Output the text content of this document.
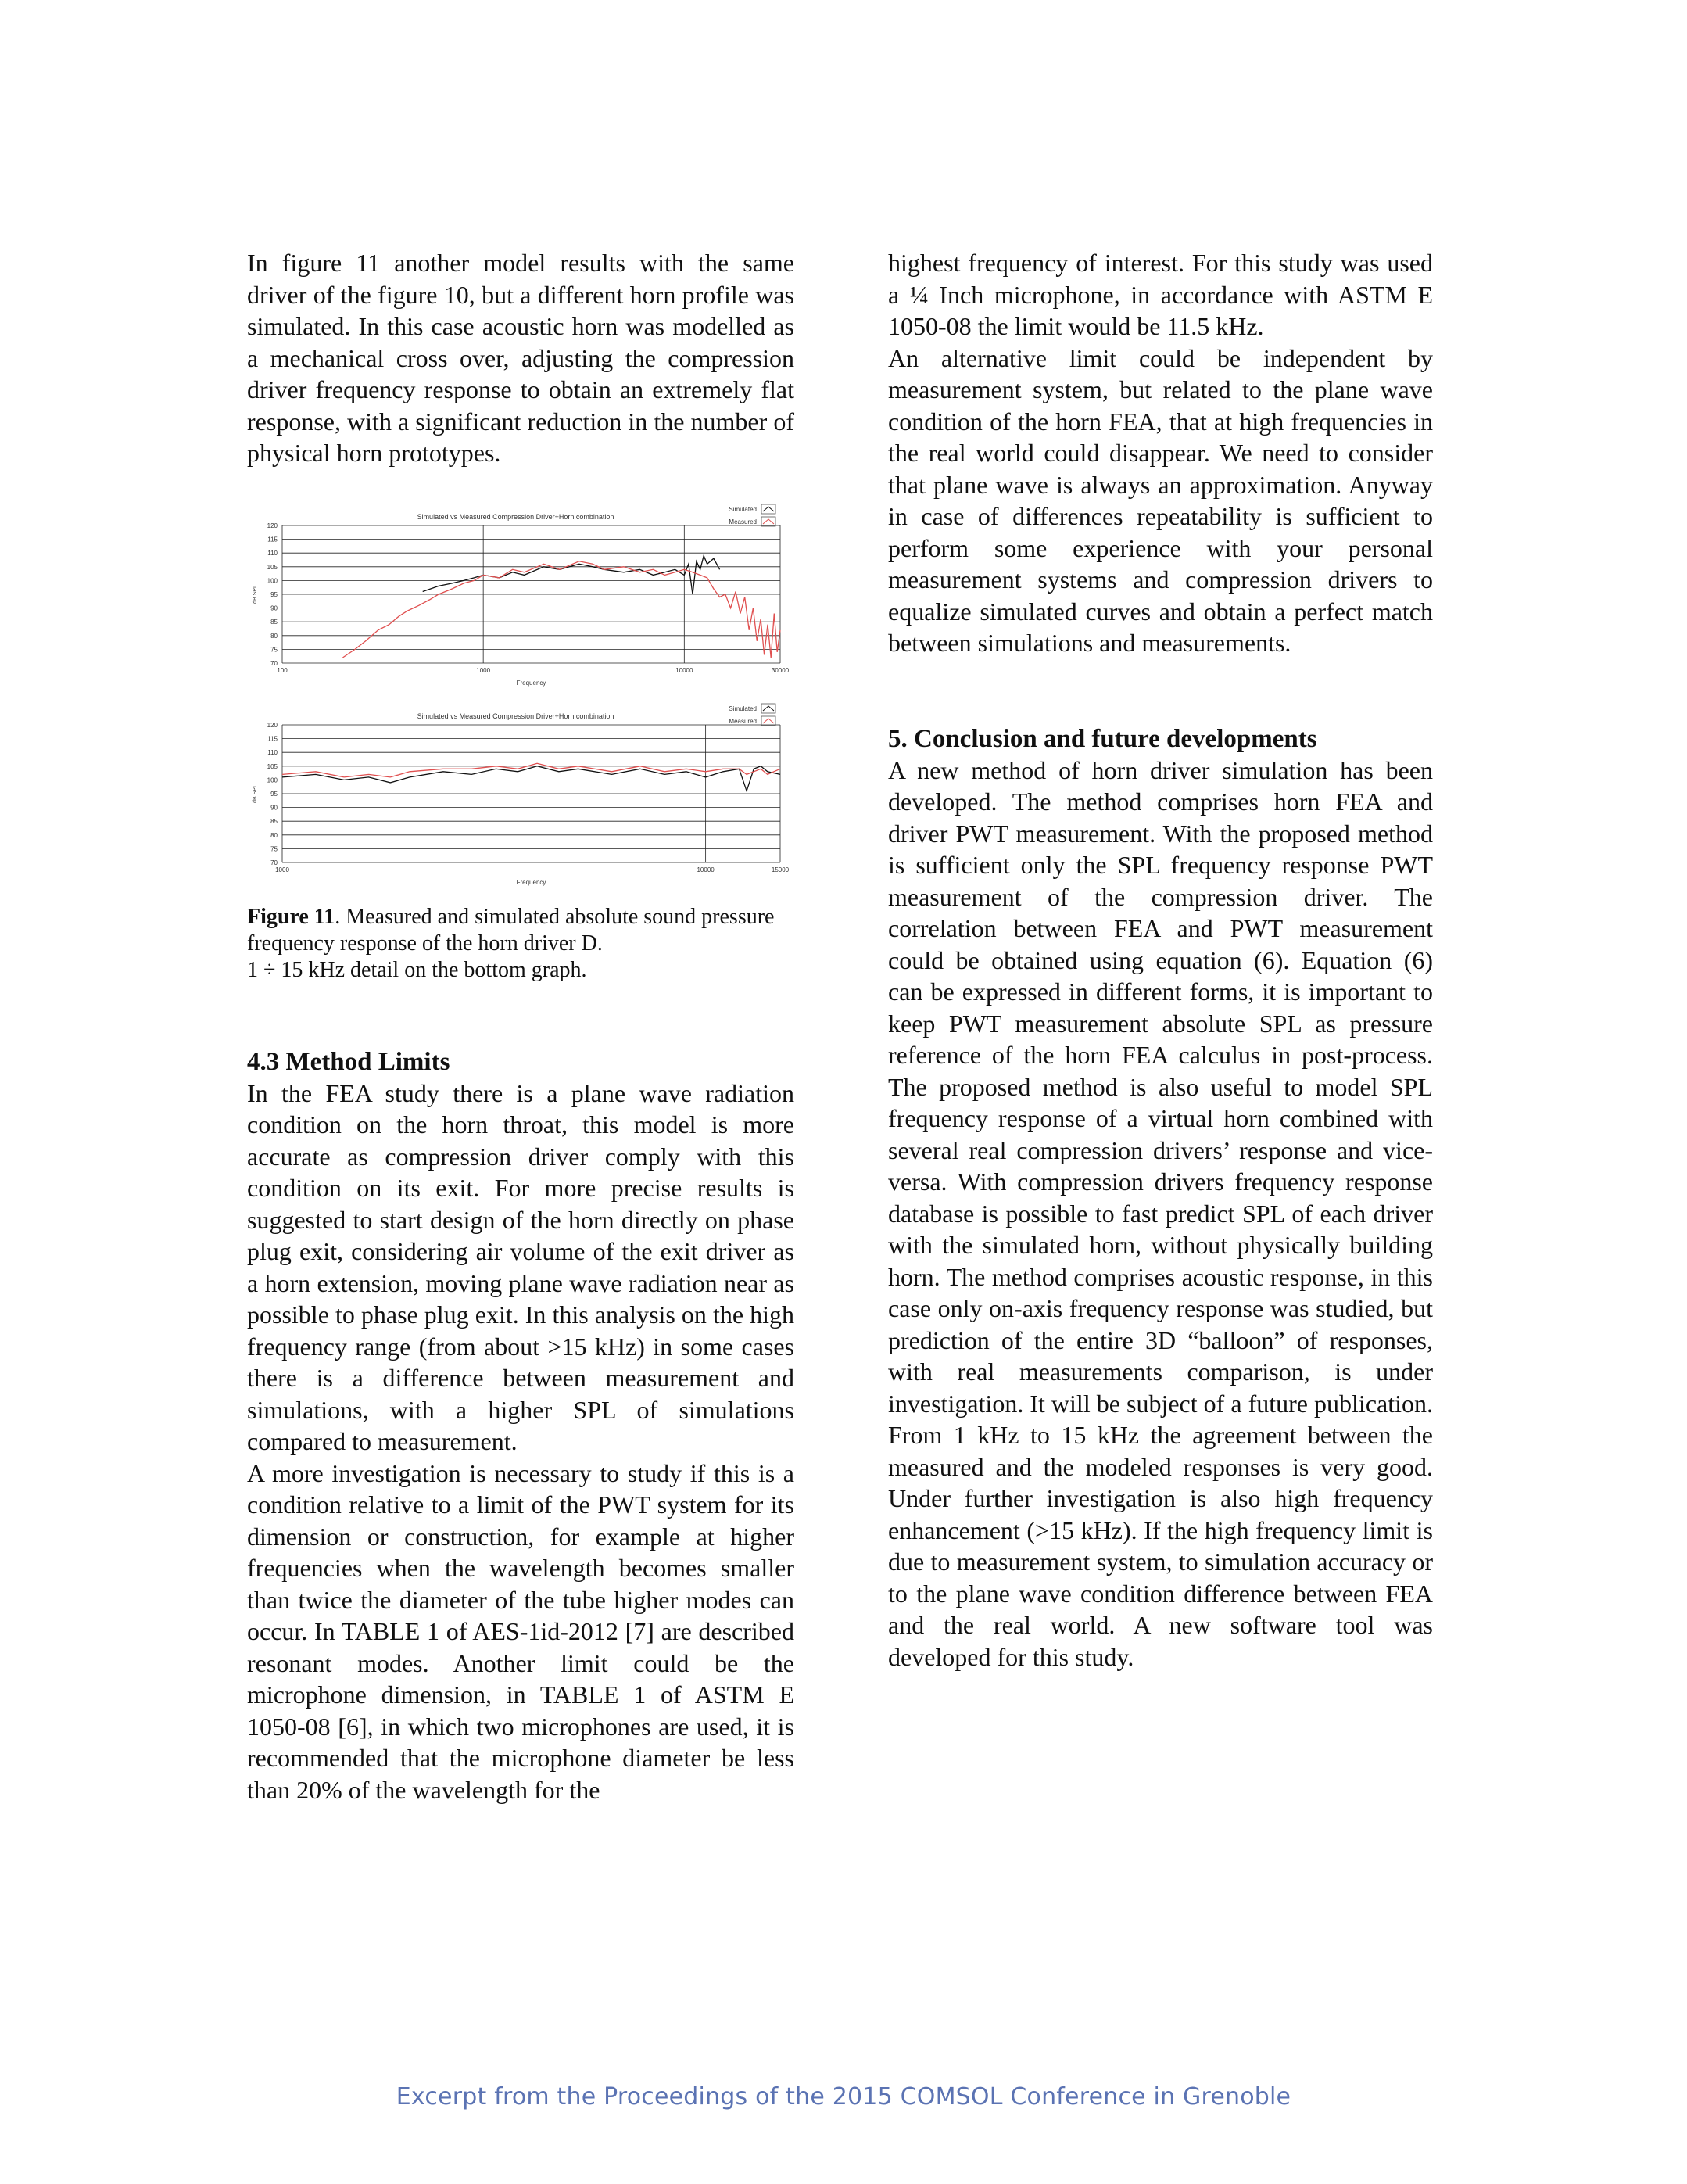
In figure 11 another model results with the same driver of the figure 10, but a different horn profile was simulated. In this case acoustic horn was modelled as a mechanical cross over, adjusting the compression driver frequency response to obtain an extremely flat response, with a significant reduction in the number of physical horn prototypes.

Simulated vs Measured Compression Driver+Horn combination
70
75
80
85
90
95
100
105
110
115
120
100	1000	10000	30000
Frequency
dB SPL
Simulated
Measured

Simulated vs Measured Compression Driver+Horn combination
70
75
80
85
90
95
100
105
110
115
120
1000	10000	15000
Frequency
dB SPL
Simulated
Measured

Figure 11. Measured and simulated absolute sound pressure frequency response of the horn driver D.
1 ÷ 15 kHz detail on the bottom graph.

4.3 Method Limits

In the FEA study there is a plane wave radiation condition on the horn throat, this model is more accurate as compression driver comply with this condition on its exit. For more precise results is suggested to start design of the horn directly on phase plug exit, considering air volume of the exit driver as a horn extension, moving plane wave radiation near as possible to phase plug exit. In this analysis on the high frequency range (from about >15 kHz) in some cases there is a difference between measurement and simulations, with a higher SPL of simulations compared to measurement.

A more investigation is necessary to study if this is a condition relative to a limit of the PWT system for its dimension or construction, for example at higher frequencies when the wavelength becomes smaller than twice the diameter of the tube higher modes can occur. In TABLE 1 of AES-1id-2012 [7] are described resonant modes. Another limit could be the microphone dimension, in TABLE 1 of ASTM E 1050-08 [6], in which two microphones are used, it is recommended that the microphone diameter be less than 20% of the wavelength for the

highest frequency of interest. For this study was used a ¼ Inch microphone, in accordance with ASTM E 1050-08 the limit would be 11.5 kHz.

An alternative limit could be independent by measurement system, but related to the plane wave condition of the horn FEA, that at high frequencies in the real world could disappear. We need to consider that plane wave is always an approximation. Anyway in case of differences repeatability is sufficient to perform some experience with your personal measurement systems and compression drivers to equalize simulated curves and obtain a perfect match between simulations and measurements.

5. Conclusion and future developments

A new method of horn driver simulation has been developed. The method comprises horn FEA and driver PWT measurement. With the proposed method is sufficient only the SPL frequency response PWT measurement of the compression driver. The correlation between FEA and PWT measurement could be obtained using equation (6). Equation (6) can be expressed in different forms, it is important to keep PWT measurement absolute SPL as pressure reference of the horn FEA calculus in post-process. The proposed method is also useful to model SPL frequency response of a virtual horn combined with several real compression drivers’ response and vice-versa. With compression drivers frequency response database is possible to fast predict SPL of each driver with the simulated horn, without physically building horn. The method comprises acoustic response, in this case only on-axis frequency response was studied, but prediction of the entire 3D “balloon” of responses, with real measurements comparison, is under investigation. It will be subject of a future publication. From 1 kHz to 15 kHz the agreement between the measured and the modeled responses is very good. Under further investigation is also high frequency enhancement (>15 kHz). If the high frequency limit is due to measurement system, to simulation accuracy or to the plane wave condition difference between FEA and the real world. A new software tool was developed for this study.

Excerpt from the Proceedings of the 2015 COMSOL Conference in Grenoble
